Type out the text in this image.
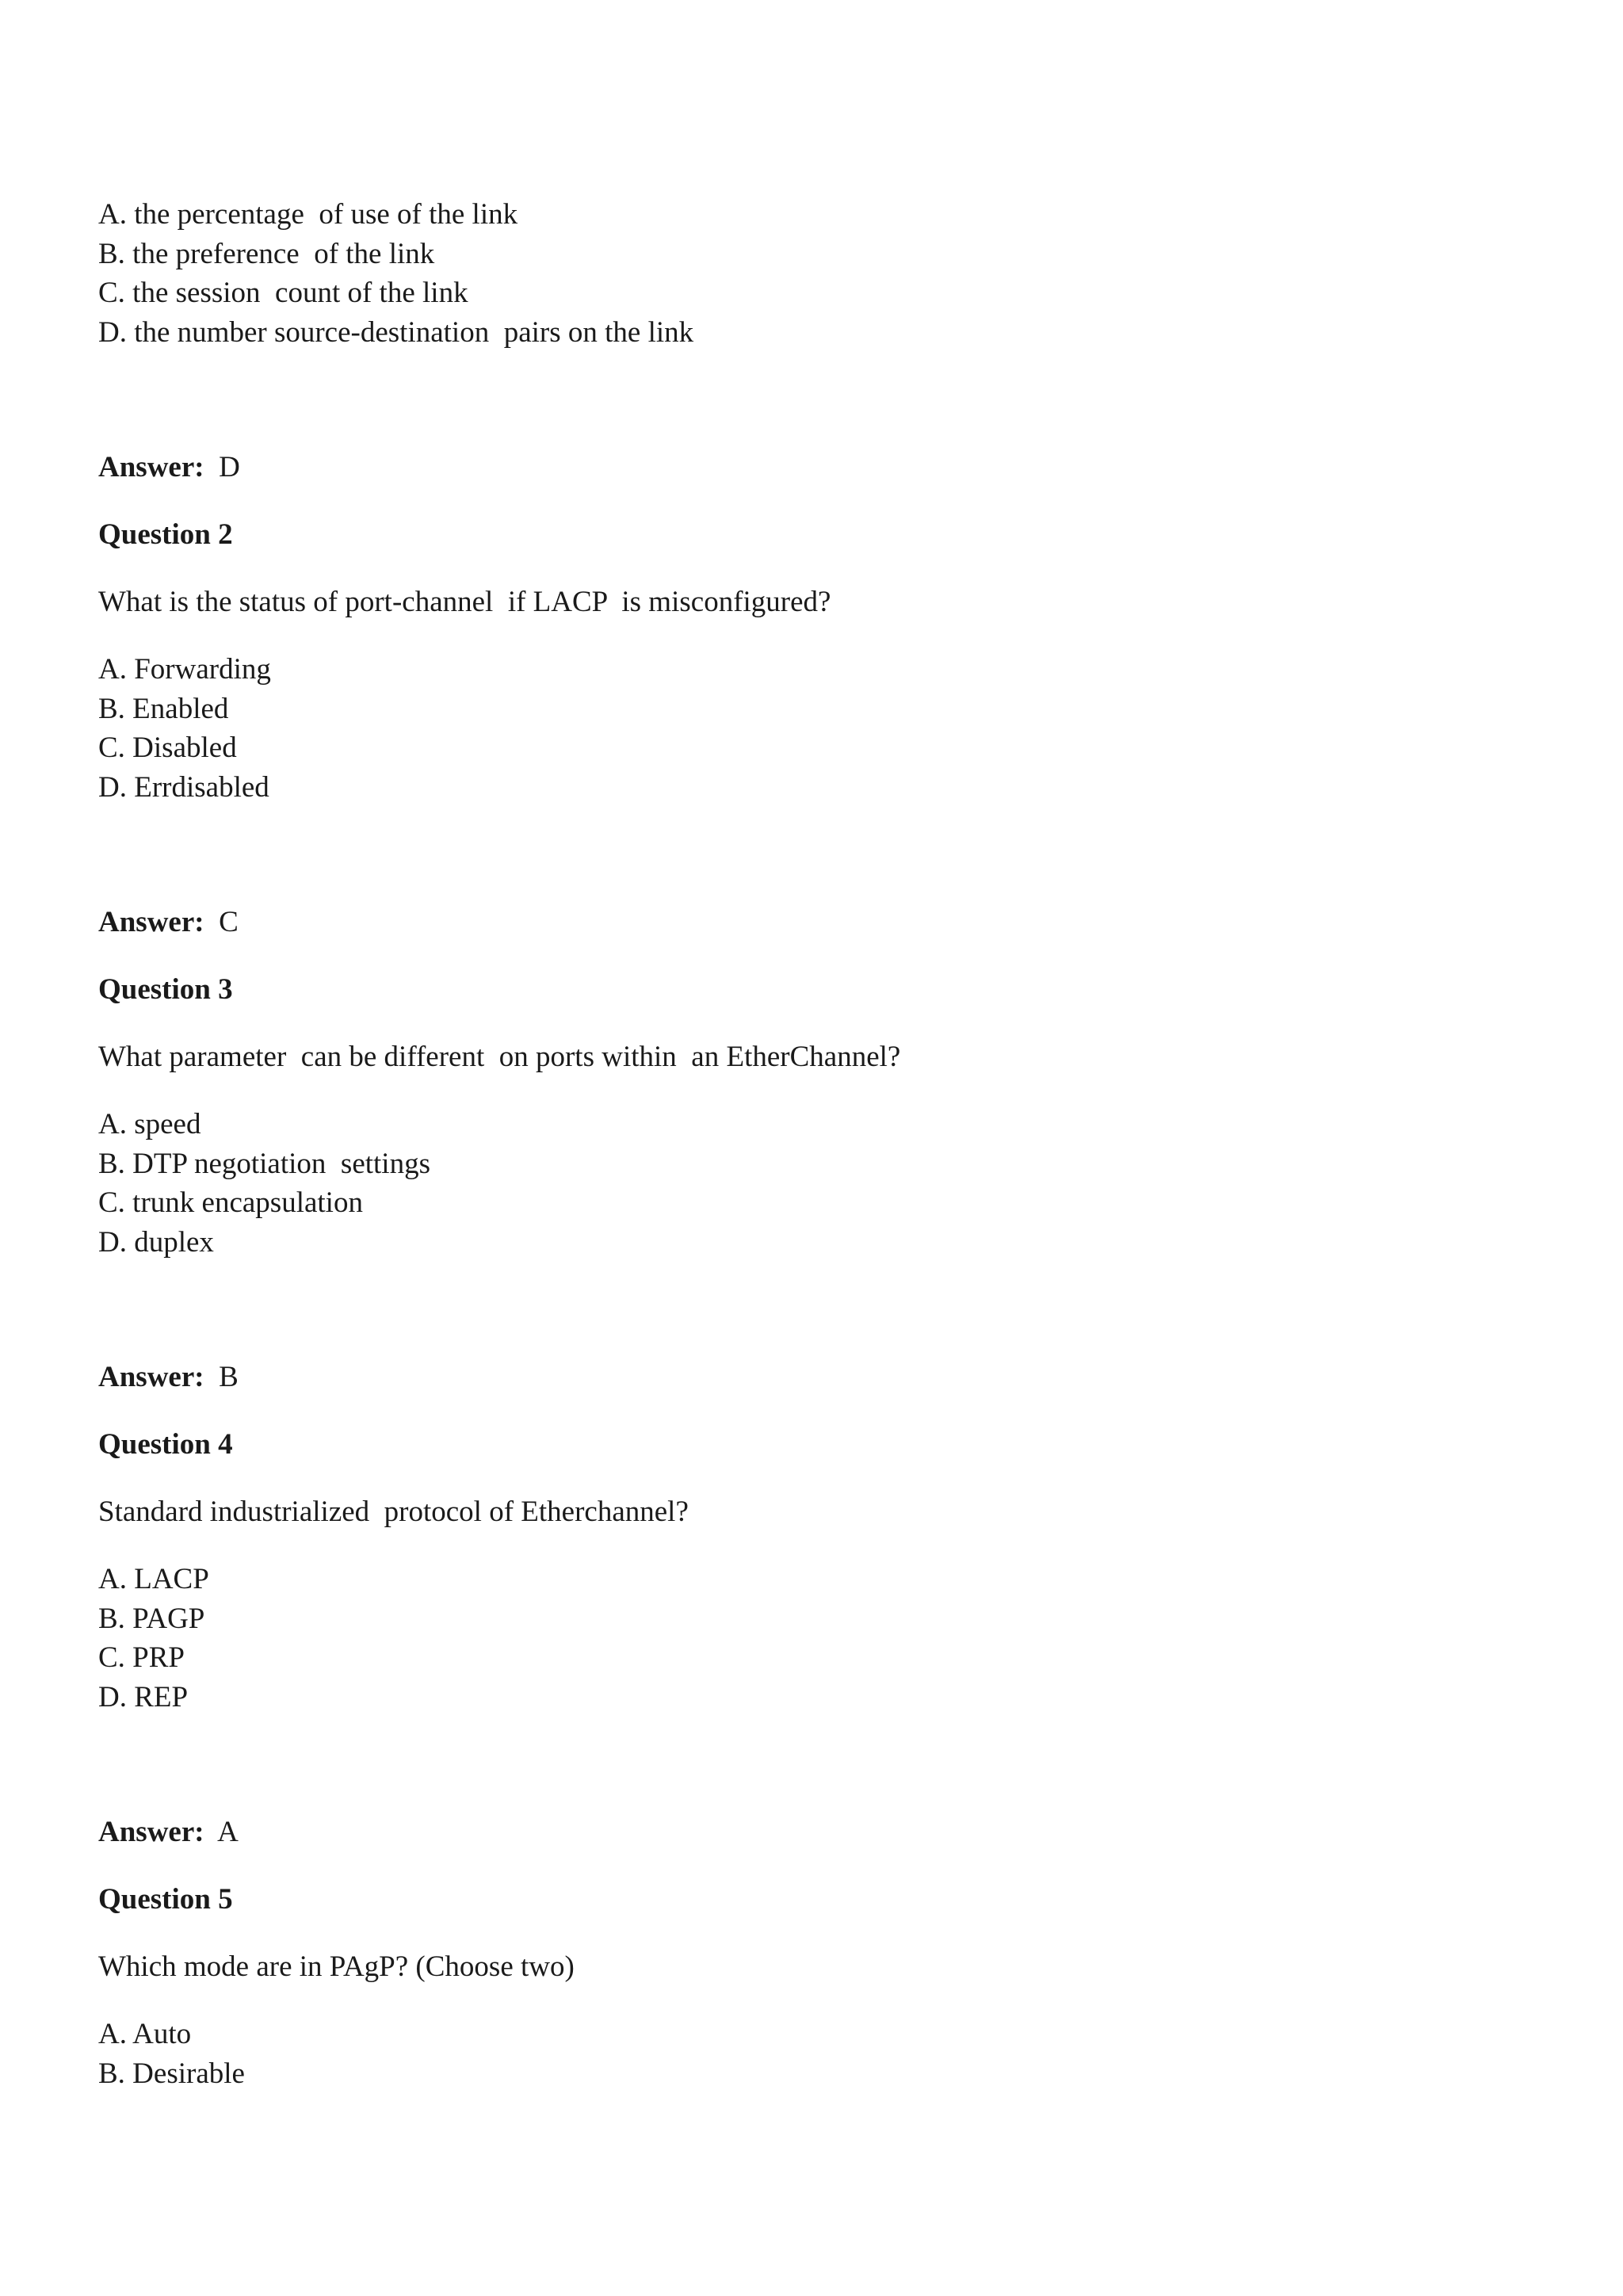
A. the percentage  of use of the link
B. the preference  of the link
C. the session  count of the link
D. the number source-destination  pairs on the link
Answer: D
Question 2
What is the status of port-channel  if LACP  is misconfigured?
A. Forwarding
B. Enabled
C. Disabled
D. Errdisabled
Answer: C
Question 3
What parameter  can be different  on ports within  an EtherChannel?
A. speed
B. DTP negotiation  settings
C. trunk encapsulation
D. duplex
Answer: B
Question 4
Standard industrialized  protocol of Etherchannel?
A. LACP
B. PAGP
C. PRP
D. REP
Answer: A
Question 5
Which mode are in PAgP? (Choose two)
A. Auto
B. Desirable
